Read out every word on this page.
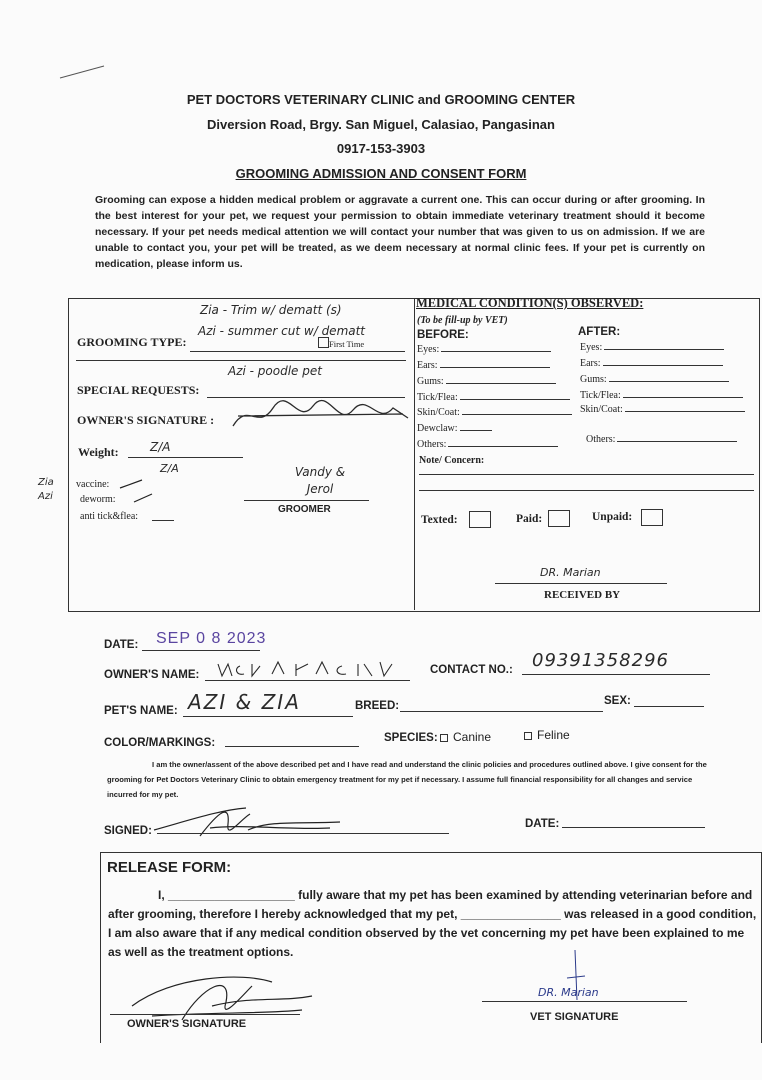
PET DOCTORS VETERINARY CLINIC and GROOMING CENTER
Diversion Road, Brgy. San Miguel, Calasiao, Pangasinan
0917-153-3903
GROOMING ADMISSION AND CONSENT FORM
Grooming can expose a hidden medical problem or aggravate a current one. This can occur during or after grooming. In the best interest for your pet, we request your permission to obtain immediate veterinary treatment should it become necessary. If your pet needs medical attention we will contact your number that was given to us on admission. If we are unable to contact you, your pet will be treated, as we deem necessary at normal clinic fees. If your pet is currently on medication, please inform us.
Zia - Trim w/ dematt (s)
GROOMING TYPE:
Azi - summer cut w/ dematt
First Time
Azi - poodle pet
SPECIAL REQUESTS:
OWNER'S SIGNATURE :
Weight:	Z/A
Zia Azi
Z/A
vaccine:
deworm:
anti tick&flea:
Vandy & Jerol
GROOMER
MEDICAL CONDITION(S) OBSERVED:
(To be fill-up by VET)
BEFORE:	AFTER:
Eyes:
Ears:
Gums:
Tick/Flea:
Skin/Coat:
Dewclaw:
Others:
Eyes:
Ears:
Gums:
Tick/Flea:
Skin/Coat:
Others:
Note/ Concern:
Texted:	Paid:	Unpaid:
DR. Marian
RECEIVED BY
DATE: SEP 0 8 2023
OWNER'S NAME:	CONTACT NO.: 09391358296
PET'S NAME: AZI & ZIA	BREED:	SEX:
COLOR/MARKINGS:	SPECIES:	Canine	Feline
I am the owner/assent of the above described pet and I have read and understand the clinic policies and procedures outlined above. I give consent for the grooming for Pet Doctors Veterinary Clinic to obtain emergency treatment for my pet if necessary. I assume full financial responsibility for all changes and service incurred for my pet.
SIGNED:
DATE:
RELEASE FORM:
I, ___________________ fully aware that my pet has been examined by attending veterinarian before and after grooming, therefore I hereby acknowledged that my pet, _______________ was released in a good condition, I am also aware that if any medical condition observed by the vet concerning my pet have been explained to me as well as the treatment options.
OWNER'S SIGNATURE
DR. Marian
VET SIGNATURE
